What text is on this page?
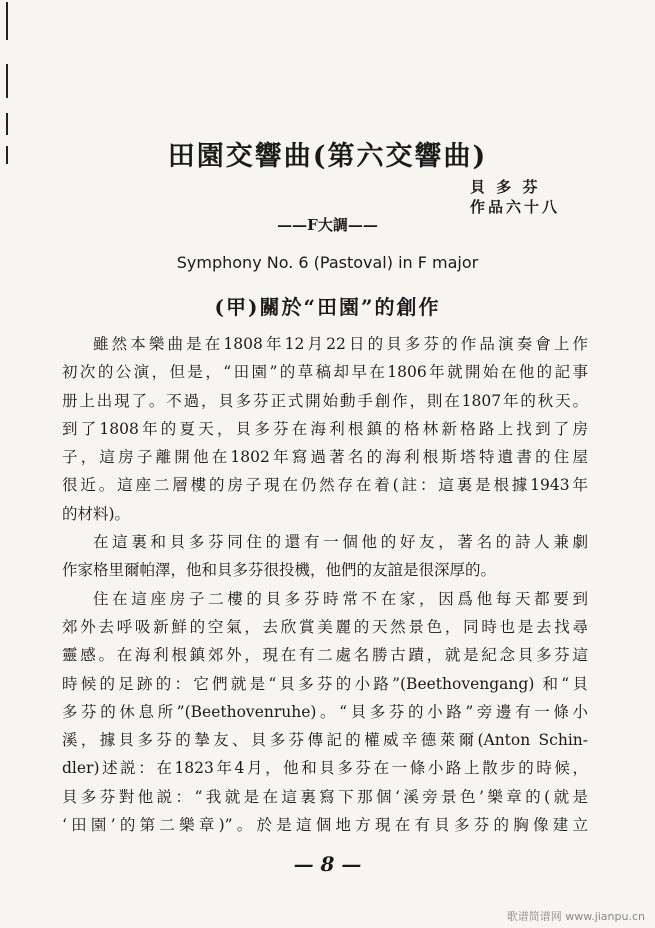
田園交響曲(第六交響曲)
貝 多 芬
作品六十八
——F大調——
Symphony No. 6 (Pastoval) in F major
(甲)關於“田園”的創作
雖然本樂曲是在1808年12月22日的貝多芬的作品演奏會上作
初次的公演，但是，“田園”的草稿却早在1806年就開始在他的記事
册上出現了。不過，貝多芬正式開始動手創作，則在1807年的秋天。
到了1808年的夏天，貝多芬在海利根鎮的格林新格路上找到了房
子，這房子離開他在1802年寫過著名的海利根斯塔特遺書的住屋
很近。這座二層樓的房子現在仍然存在着(註：這裏是根據1943年
的材料)。
在這裏和貝多芬同住的還有一個他的好友，著名的詩人兼劇
作家格里爾帕澤，他和貝多芬很投機，他們的友誼是很深厚的。
住在這座房子二樓的貝多芬時常不在家，因爲他每天都要到
郊外去呼吸新鮮的空氣，去欣賞美麗的天然景色，同時也是去找尋
靈感。在海利根鎮郊外，現在有二處名勝古蹟，就是紀念貝多芬這
時候的足跡的：它們就是“貝多芬的小路”(Beethovengang) 和“貝
多芬的休息所”(Beethovenruhe)。“貝多芬的小路”旁邊有一條小
溪，據貝多芬的摯友、貝多芬傳記的權威辛德萊爾(Anton Schin-
dler)述説：在1823年4月，他和貝多芬在一條小路上散步的時候，
貝多芬對他説：“我就是在這裏寫下那個‘溪旁景色’樂章的(就是
‘田園’的第二樂章)”。於是這個地方現在有貝多芬的胸像建立
— 8 —
歌谱简谱网 www.jianpu.cn
